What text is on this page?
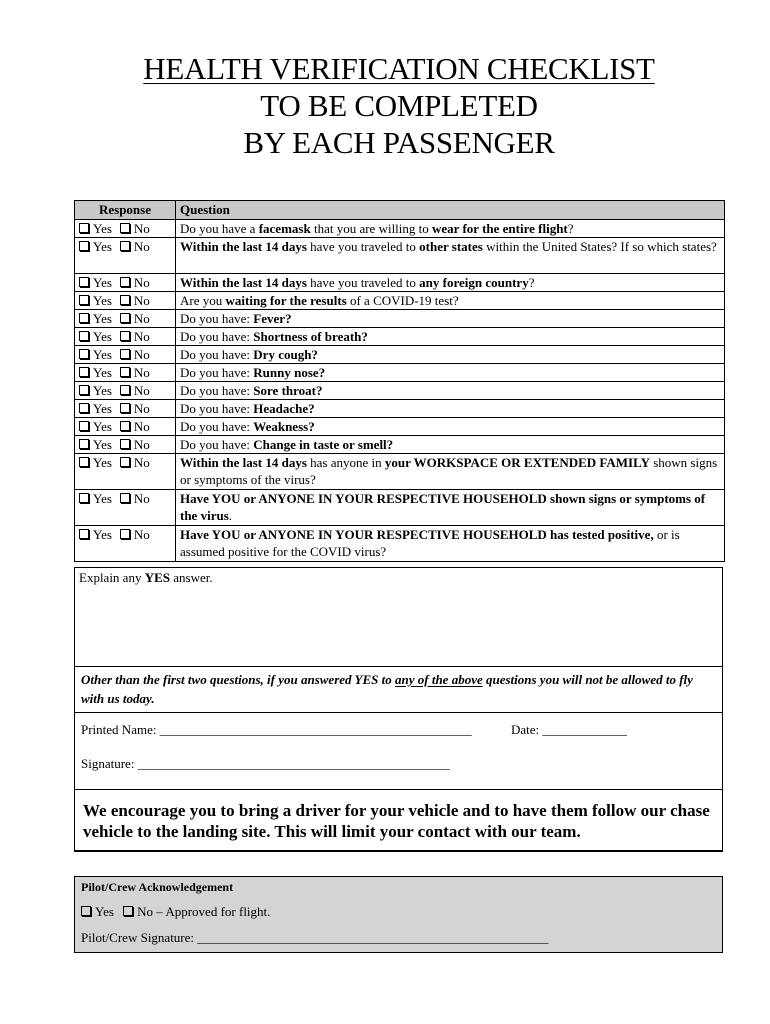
HEALTH VERIFICATION CHECKLIST
TO BE COMPLETED
BY EACH PASSENGER
Response	Question
Yes No	Do you have a facemask that you are willing to wear for the entire flight?
Yes No	Within the last 14 days have you traveled to other states within the United States? If so which states?
Yes No	Within the last 14 days have you traveled to any foreign country?
Yes No	Are you waiting for the results of a COVID-19 test?
Yes No	Do you have: Fever?
Yes No	Do you have: Shortness of breath?
Yes No	Do you have: Dry cough?
Yes No	Do you have: Runny nose?
Yes No	Do you have: Sore throat?
Yes No	Do you have: Headache?
Yes No	Do you have: Weakness?
Yes No	Do you have: Change in taste or smell?
Yes No	Within the last 14 days has anyone in your WORKSPACE OR EXTENDED FAMILY shown signs or symptoms of the virus?
Yes No	Have YOU or ANYONE IN YOUR RESPECTIVE HOUSEHOLD shown signs or symptoms of the virus.
Yes No	Have YOU or ANYONE IN YOUR RESPECTIVE HOUSEHOLD has tested positive, or is assumed positive for the COVID virus?
Explain any YES answer.
Other than the first two questions, if you answered YES to any of the above questions you will not be allowed to fly with us today.
Printed Name: ________________________________________________	Date: _____________
Signature: ________________________________________________
We encourage you to bring a driver for your vehicle and to have them follow our chase vehicle to the landing site. This will limit your contact with our team.
Pilot/Crew Acknowledgement
Yes No – Approved for flight.
Pilot/Crew Signature: ______________________________________________________
